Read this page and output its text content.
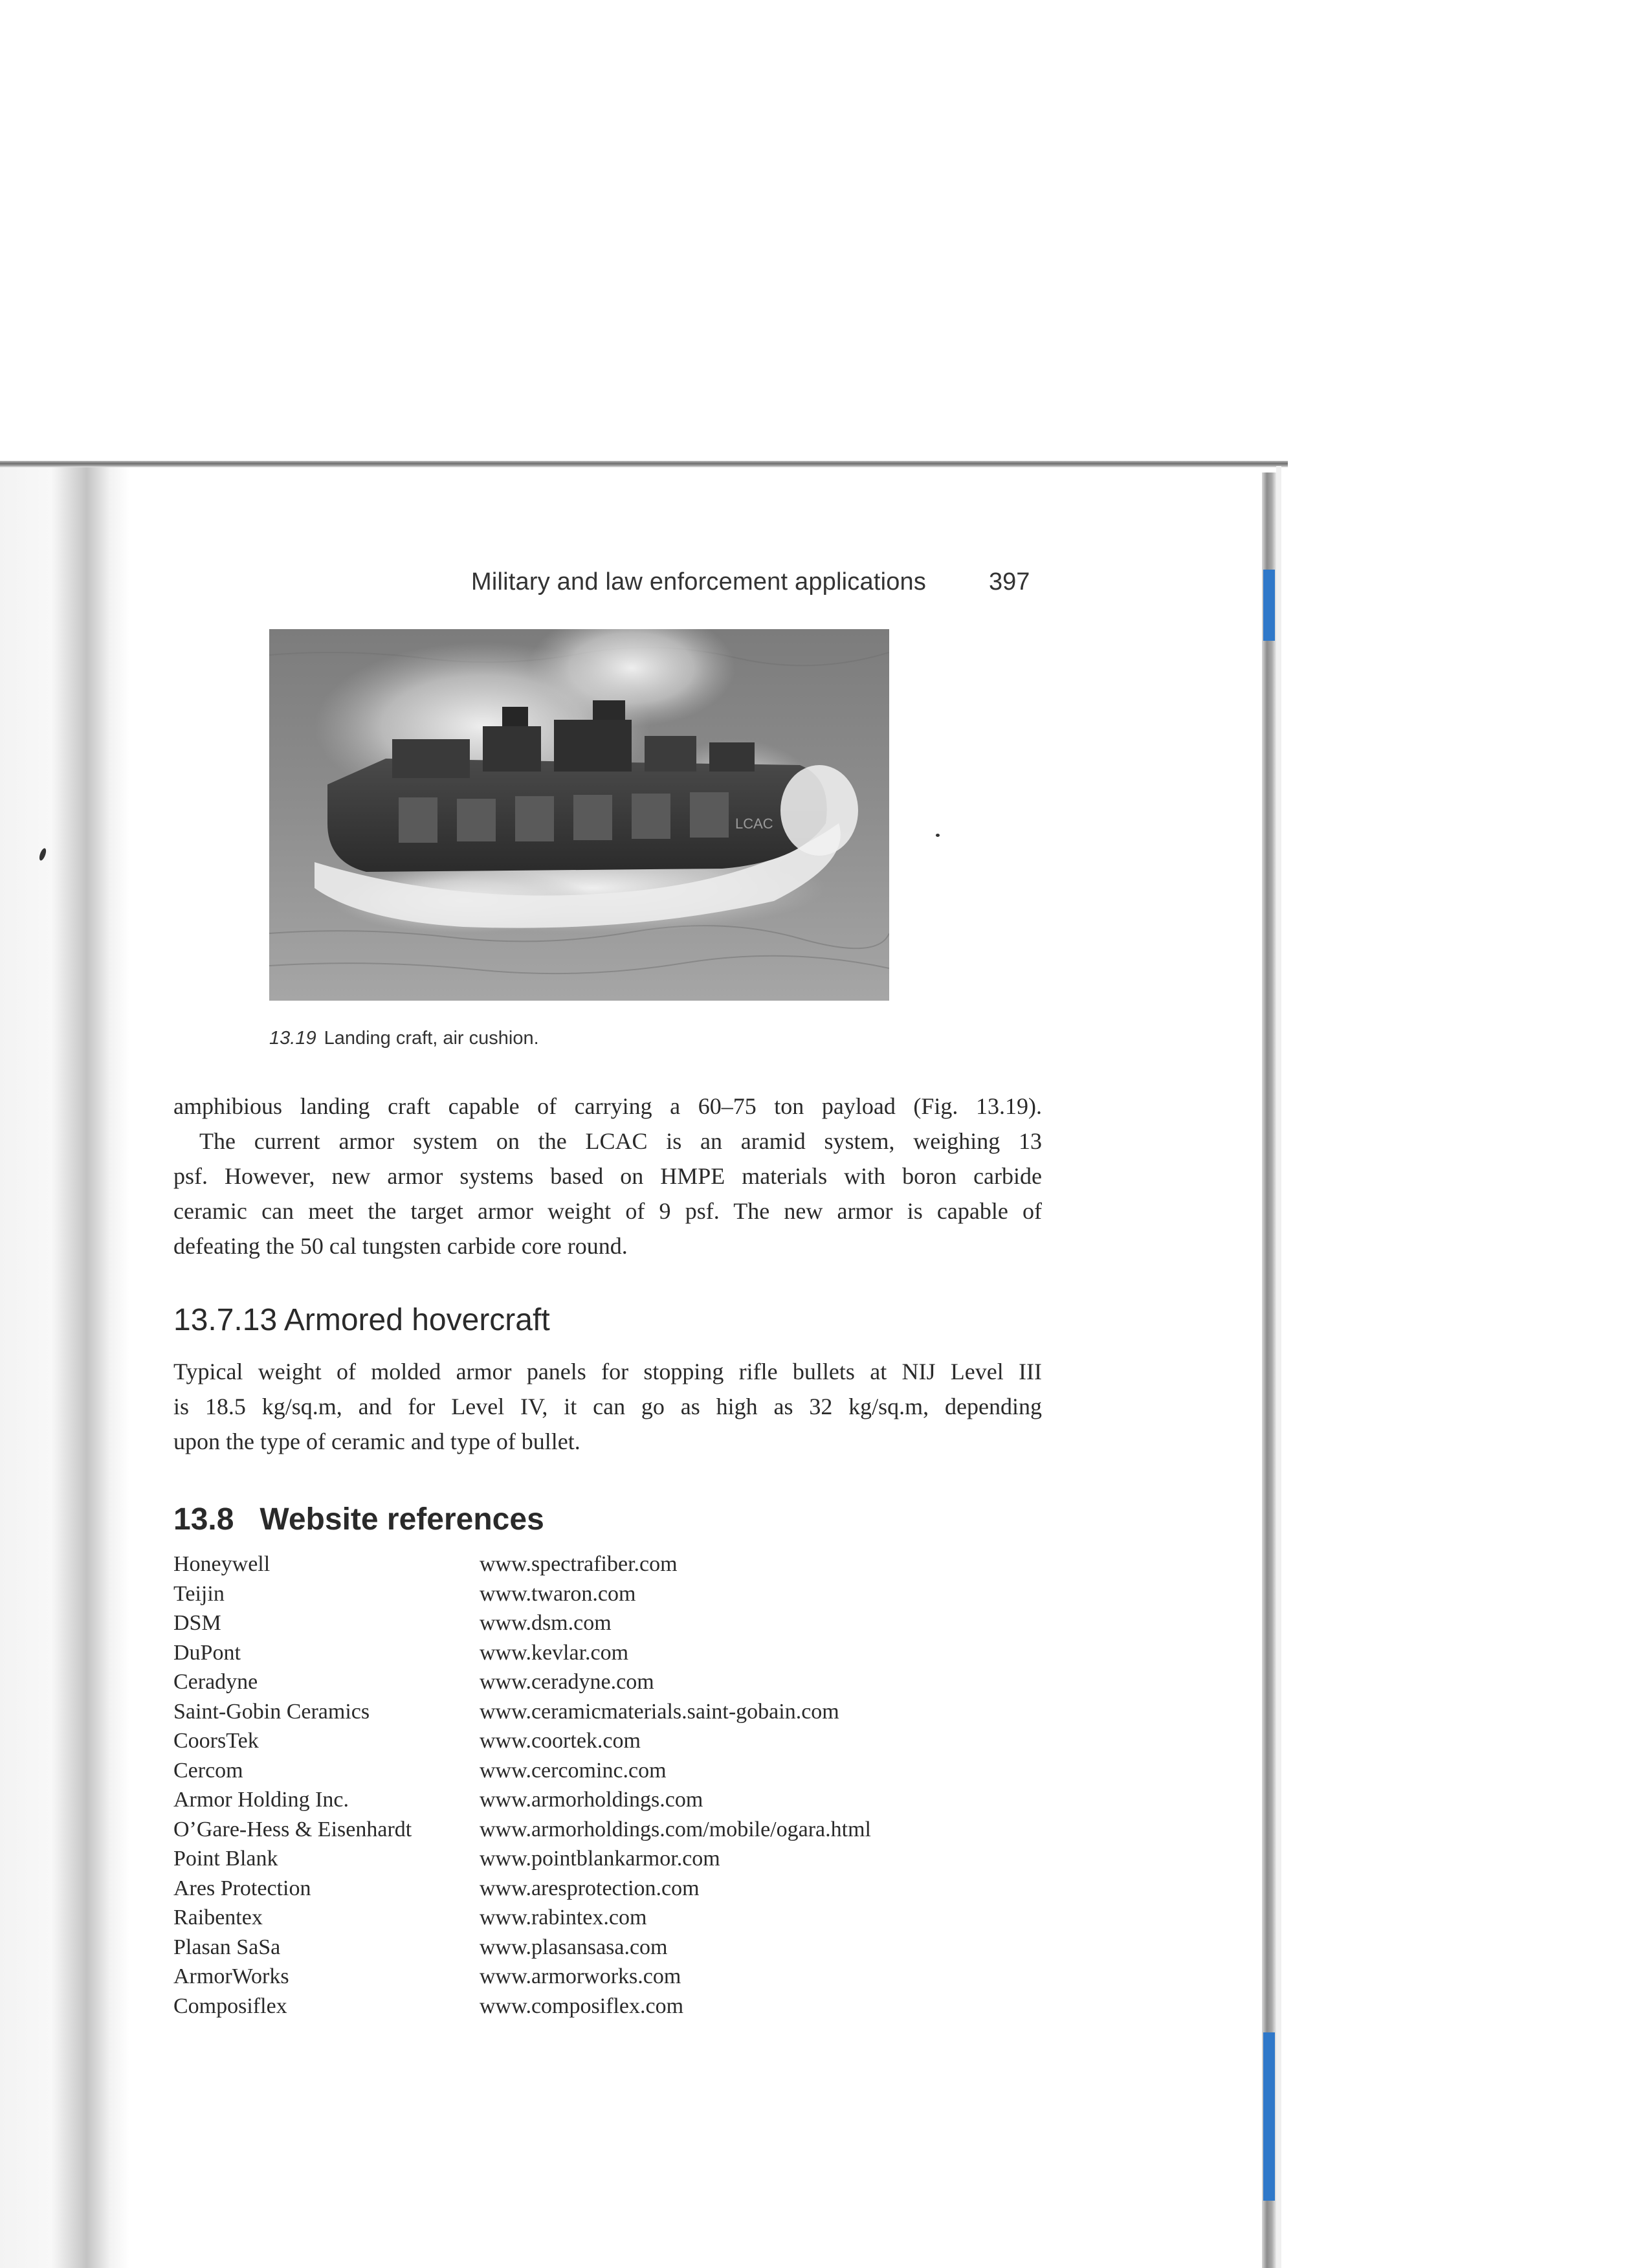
Military and law enforcement applications	397
LCAC
13.19 Landing craft, air cushion.
amphibious landing craft capable of carrying a 60–75 ton payload (Fig. 13.19).
The current armor system on the LCAC is an aramid system, weighing 13
psf. However, new armor systems based on HMPE materials with boron carbide
ceramic can meet the target armor weight of 9 psf. The new armor is capable of
defeating the 50 cal tungsten carbide core round.
13.7.13 Armored hovercraft
Typical weight of molded armor panels for stopping rifle bullets at NIJ Level III
is 18.5 kg/sq.m, and for Level IV, it can go as high as 32 kg/sq.m, depending
upon the type of ceramic and type of bullet.
13.8 Website references
Honeywell	www.spectrafiber.com
Teijin	www.twaron.com
DSM	www.dsm.com
DuPont	www.kevlar.com
Ceradyne	www.ceradyne.com
Saint-Gobin Ceramics	www.ceramicmaterials.saint-gobain.com
CoorsTek	www.coortek.com
Cercom	www.cercominc.com
Armor Holding Inc.	www.armorholdings.com
O’Gare-Hess & Eisenhardt	www.armorholdings.com/mobile/ogara.html
Point Blank	www.pointblankarmor.com
Ares Protection	www.aresprotection.com
Raibentex	www.rabintex.com
Plasan SaSa	www.plasansasa.com
ArmorWorks	www.armorworks.com
Composiflex	www.composiflex.com
